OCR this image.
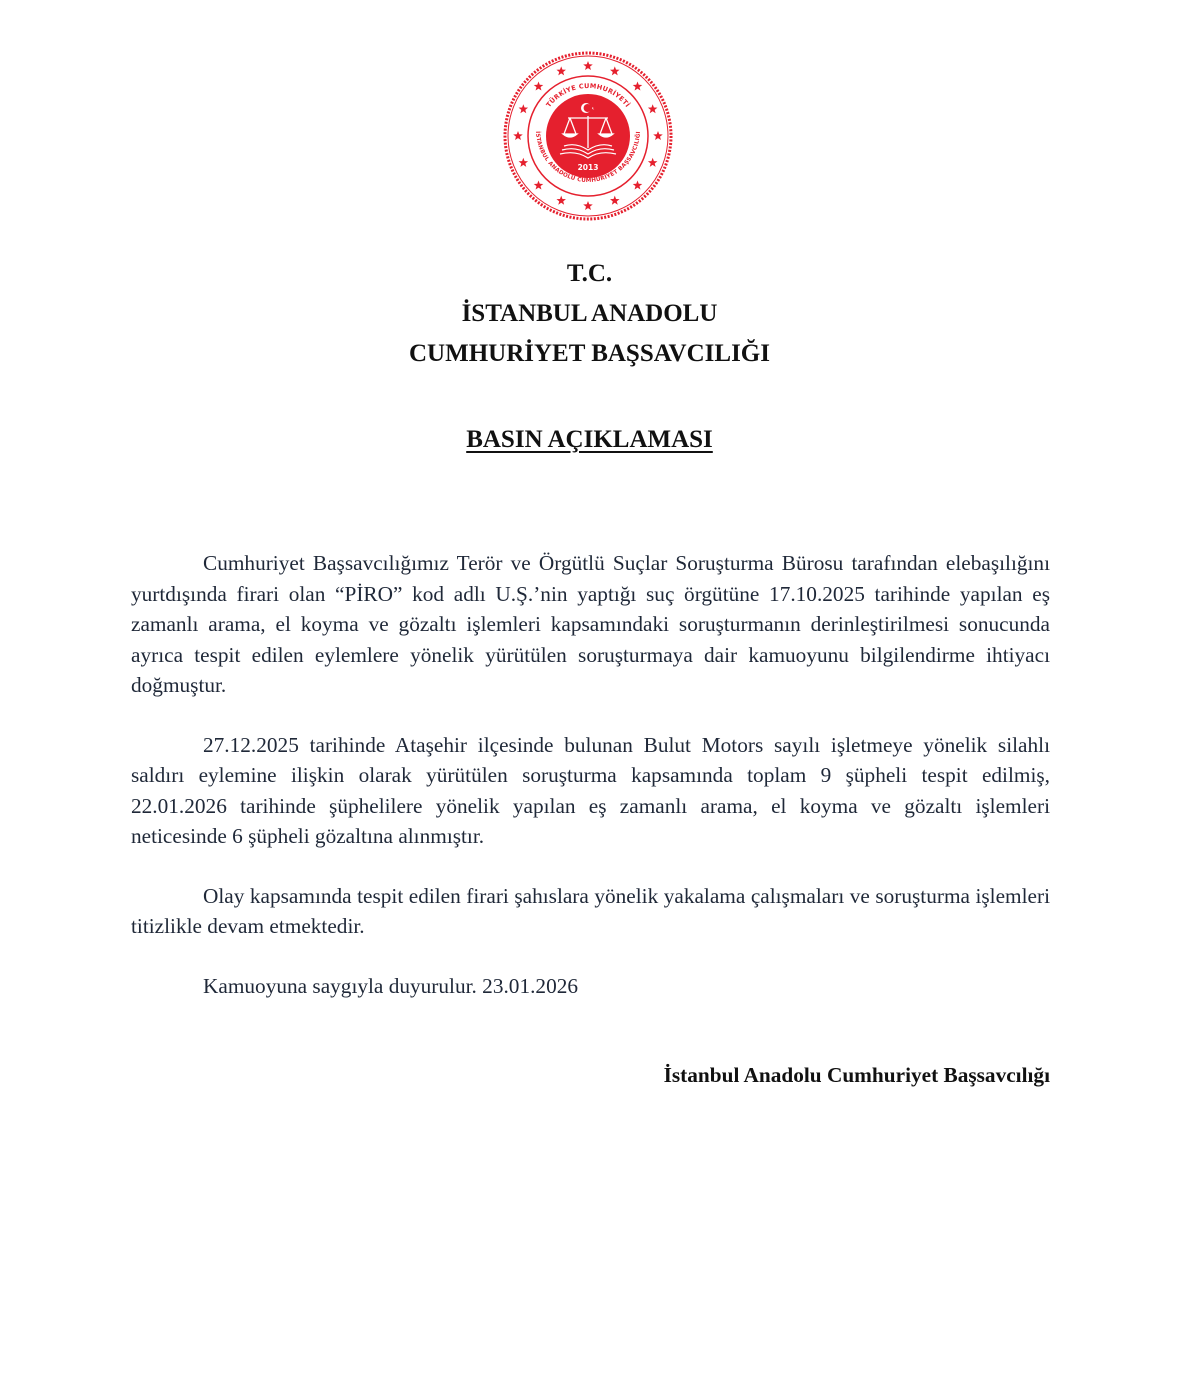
TÜRKİYE CUMHURİYETİ
İSTANBUL ANADOLU CUMHURİYET BAŞSAVCILIĞI
2013
T.C.
İSTANBUL ANADOLU
CUMHURİYET BAŞSAVCILIĞI
BASIN AÇIKLAMASI

Cumhuriyet Başsavcılığımız Terör ve Örgütlü Suçlar Soruşturma Bürosu tarafından elebaşılığını yurtdışında firari olan “PİRO” kod adlı U.Ş.’nin yaptığı suç örgütüne 17.10.2025 tarihinde yapılan eş zamanlı arama, el koyma ve gözaltı işlemleri kapsamındaki soruşturmanın derinleştirilmesi sonucunda ayrıca tespit edilen eylemlere yönelik yürütülen soruşturmaya dair kamuoyunu bilgilendirme ihtiyacı doğmuştur.

27.12.2025 tarihinde Ataşehir ilçesinde bulunan Bulut Motors sayılı işletmeye yönelik silahlı saldırı eylemine ilişkin olarak yürütülen soruşturma kapsamında toplam 9 şüpheli tespit edilmiş, 22.01.2026 tarihinde şüphelilere yönelik yapılan eş zamanlı arama, el koyma ve gözaltı işlemleri neticesinde 6 şüpheli gözaltına alınmıştır.

Olay kapsamında tespit edilen firari şahıslara yönelik yakalama çalışmaları ve soruşturma işlemleri titizlikle devam etmektedir.

Kamuoyuna saygıyla duyurulur. 23.01.2026

İstanbul Anadolu Cumhuriyet Başsavcılığı
